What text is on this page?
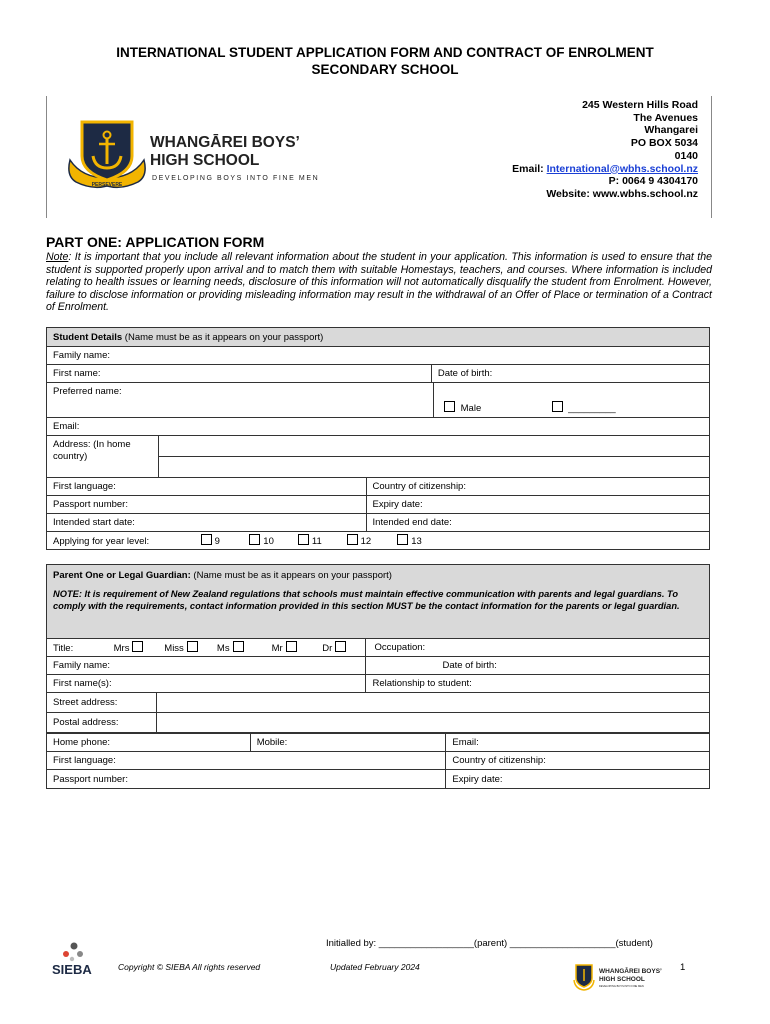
INTERNATIONAL STUDENT APPLICATION FORM AND CONTRACT OF ENROLMENT
SECONDARY SCHOOL
PERSEVERE
WHANGĀREI BOYS’
HIGH SCHOOL
DEVELOPING BOYS INTO FINE MEN
245 Western Hills Road
The Avenues
Whangarei
PO BOX 5034
0140
Email: International@wbhs.school.nz
P: 0064 9 4304170
Website: www.wbhs.school.nz
PART ONE: APPLICATION FORM
Note: It is important that you include all relevant information about the student in your application. This information is used to ensure that the student is supported properly upon arrival and to match them with suitable Homestays, teachers, and courses. Where information is included relating to health issues or learning needs, disclosure of this information will not automatically disqualify the student from Enrolment. However, failure to disclose information or providing misleading information may result in the withdrawal of an Offer of Place or termination of a Contract of Enrolment.
Student Details (Name must be as it appears on your passport)		
Family name:		
First name:		Date of birth:

Preferred name:
Male _________		

Email:		
Address: (In home country)		

First language:	Country of citizenship:
Passport number:	Expiry date:
Intended start date:	Intended end date:
Applying for year level: 9 10 11 12 13	
Parent One or Legal Guardian: (Name must be as it appears on your passport)
NOTE: It is requirement of New Zealand regulations that schools must maintain effective communication with parents and legal guardians. To comply with the requirements, contact information provided in this section MUST be the contact information for the parents or legal guardian.		

Title: Mrs Miss Ms Mr Dr		Occupation:
Family name:		Date of birth:
First name(s):		Relationship to student:
Street address:		
Postal address:		
Home phone:	Mobile:	Email:
First language:		Country of citizenship:
Passport number:		Expiry date:
Initialled by: __________________(parent) ____________________(student)
SIEBA	Copyright © SIEBA All rights reserved	Updated February 2024	1
WHANGĀREI BOYS’
HIGH SCHOOL
DEVELOPING BOYS INTO FINE MEN
